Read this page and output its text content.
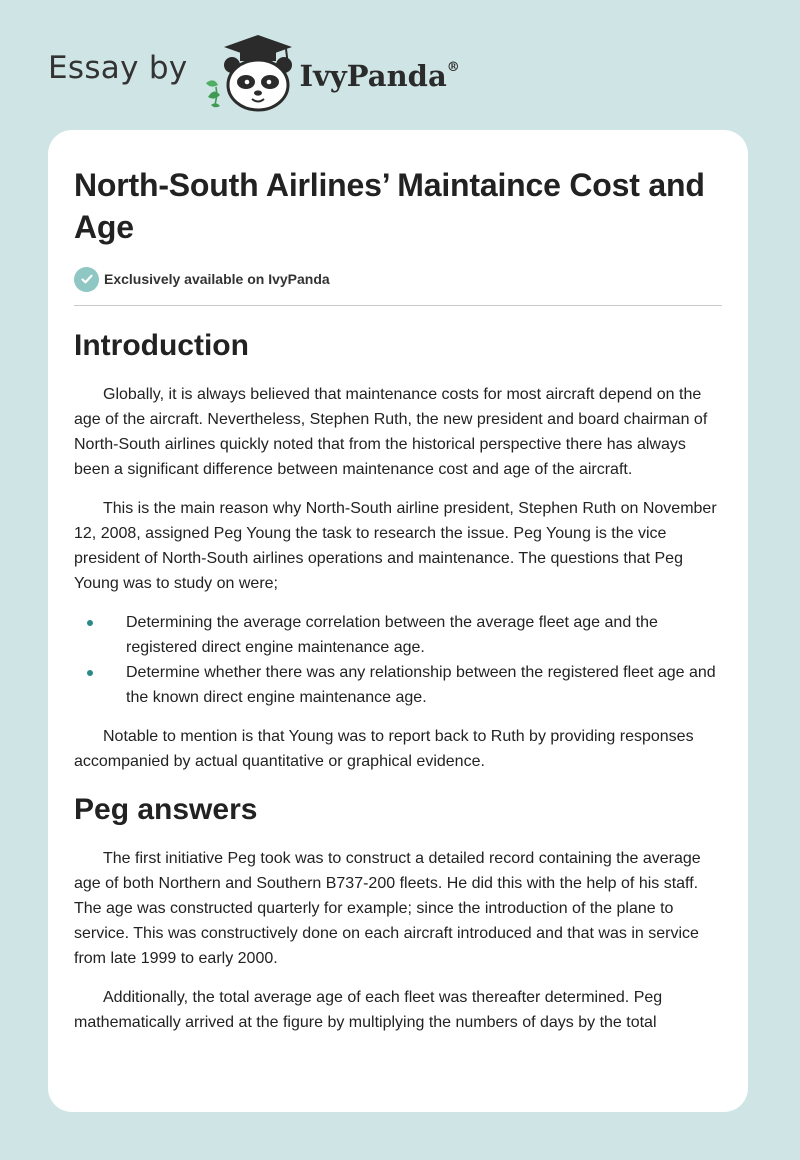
Essay by	IvyPanda®
North-South Airlines’ Maintaince Cost and Age
Exclusively available on IvyPanda
Introduction

Globally, it is always believed that maintenance costs for most aircraft depend on the age of the aircraft. Nevertheless, Stephen Ruth, the new president and board chairman of North-South airlines quickly noted that from the historical perspective there has always been a significant difference between maintenance cost and age of the aircraft.

This is the main reason why North-South airline president, Stephen Ruth on November 12, 2008, assigned Peg Young the task to research the issue. Peg Young is the vice president of North-South airlines operations and maintenance. The questions that Peg Young was to study on were;

Determining the average correlation between the average fleet age and the registered direct engine maintenance age.
Determine whether there was any relationship between the registered fleet age and the known direct engine maintenance age.

Notable to mention is that Young was to report back to Ruth by providing responses accompanied by actual quantitative or graphical evidence.

Peg answers

The first initiative Peg took was to construct a detailed record containing the average age of both Northern and Southern B737-200 fleets. He did this with the help of his staff. The age was constructed quarterly for example; since the introduction of the plane to service. This was constructively done on each aircraft introduced and that was in service from late 1999 to early 2000.

Additionally, the total average age of each fleet was thereafter determined. Peg mathematically arrived at the figure by multiplying the numbers of days by the total
